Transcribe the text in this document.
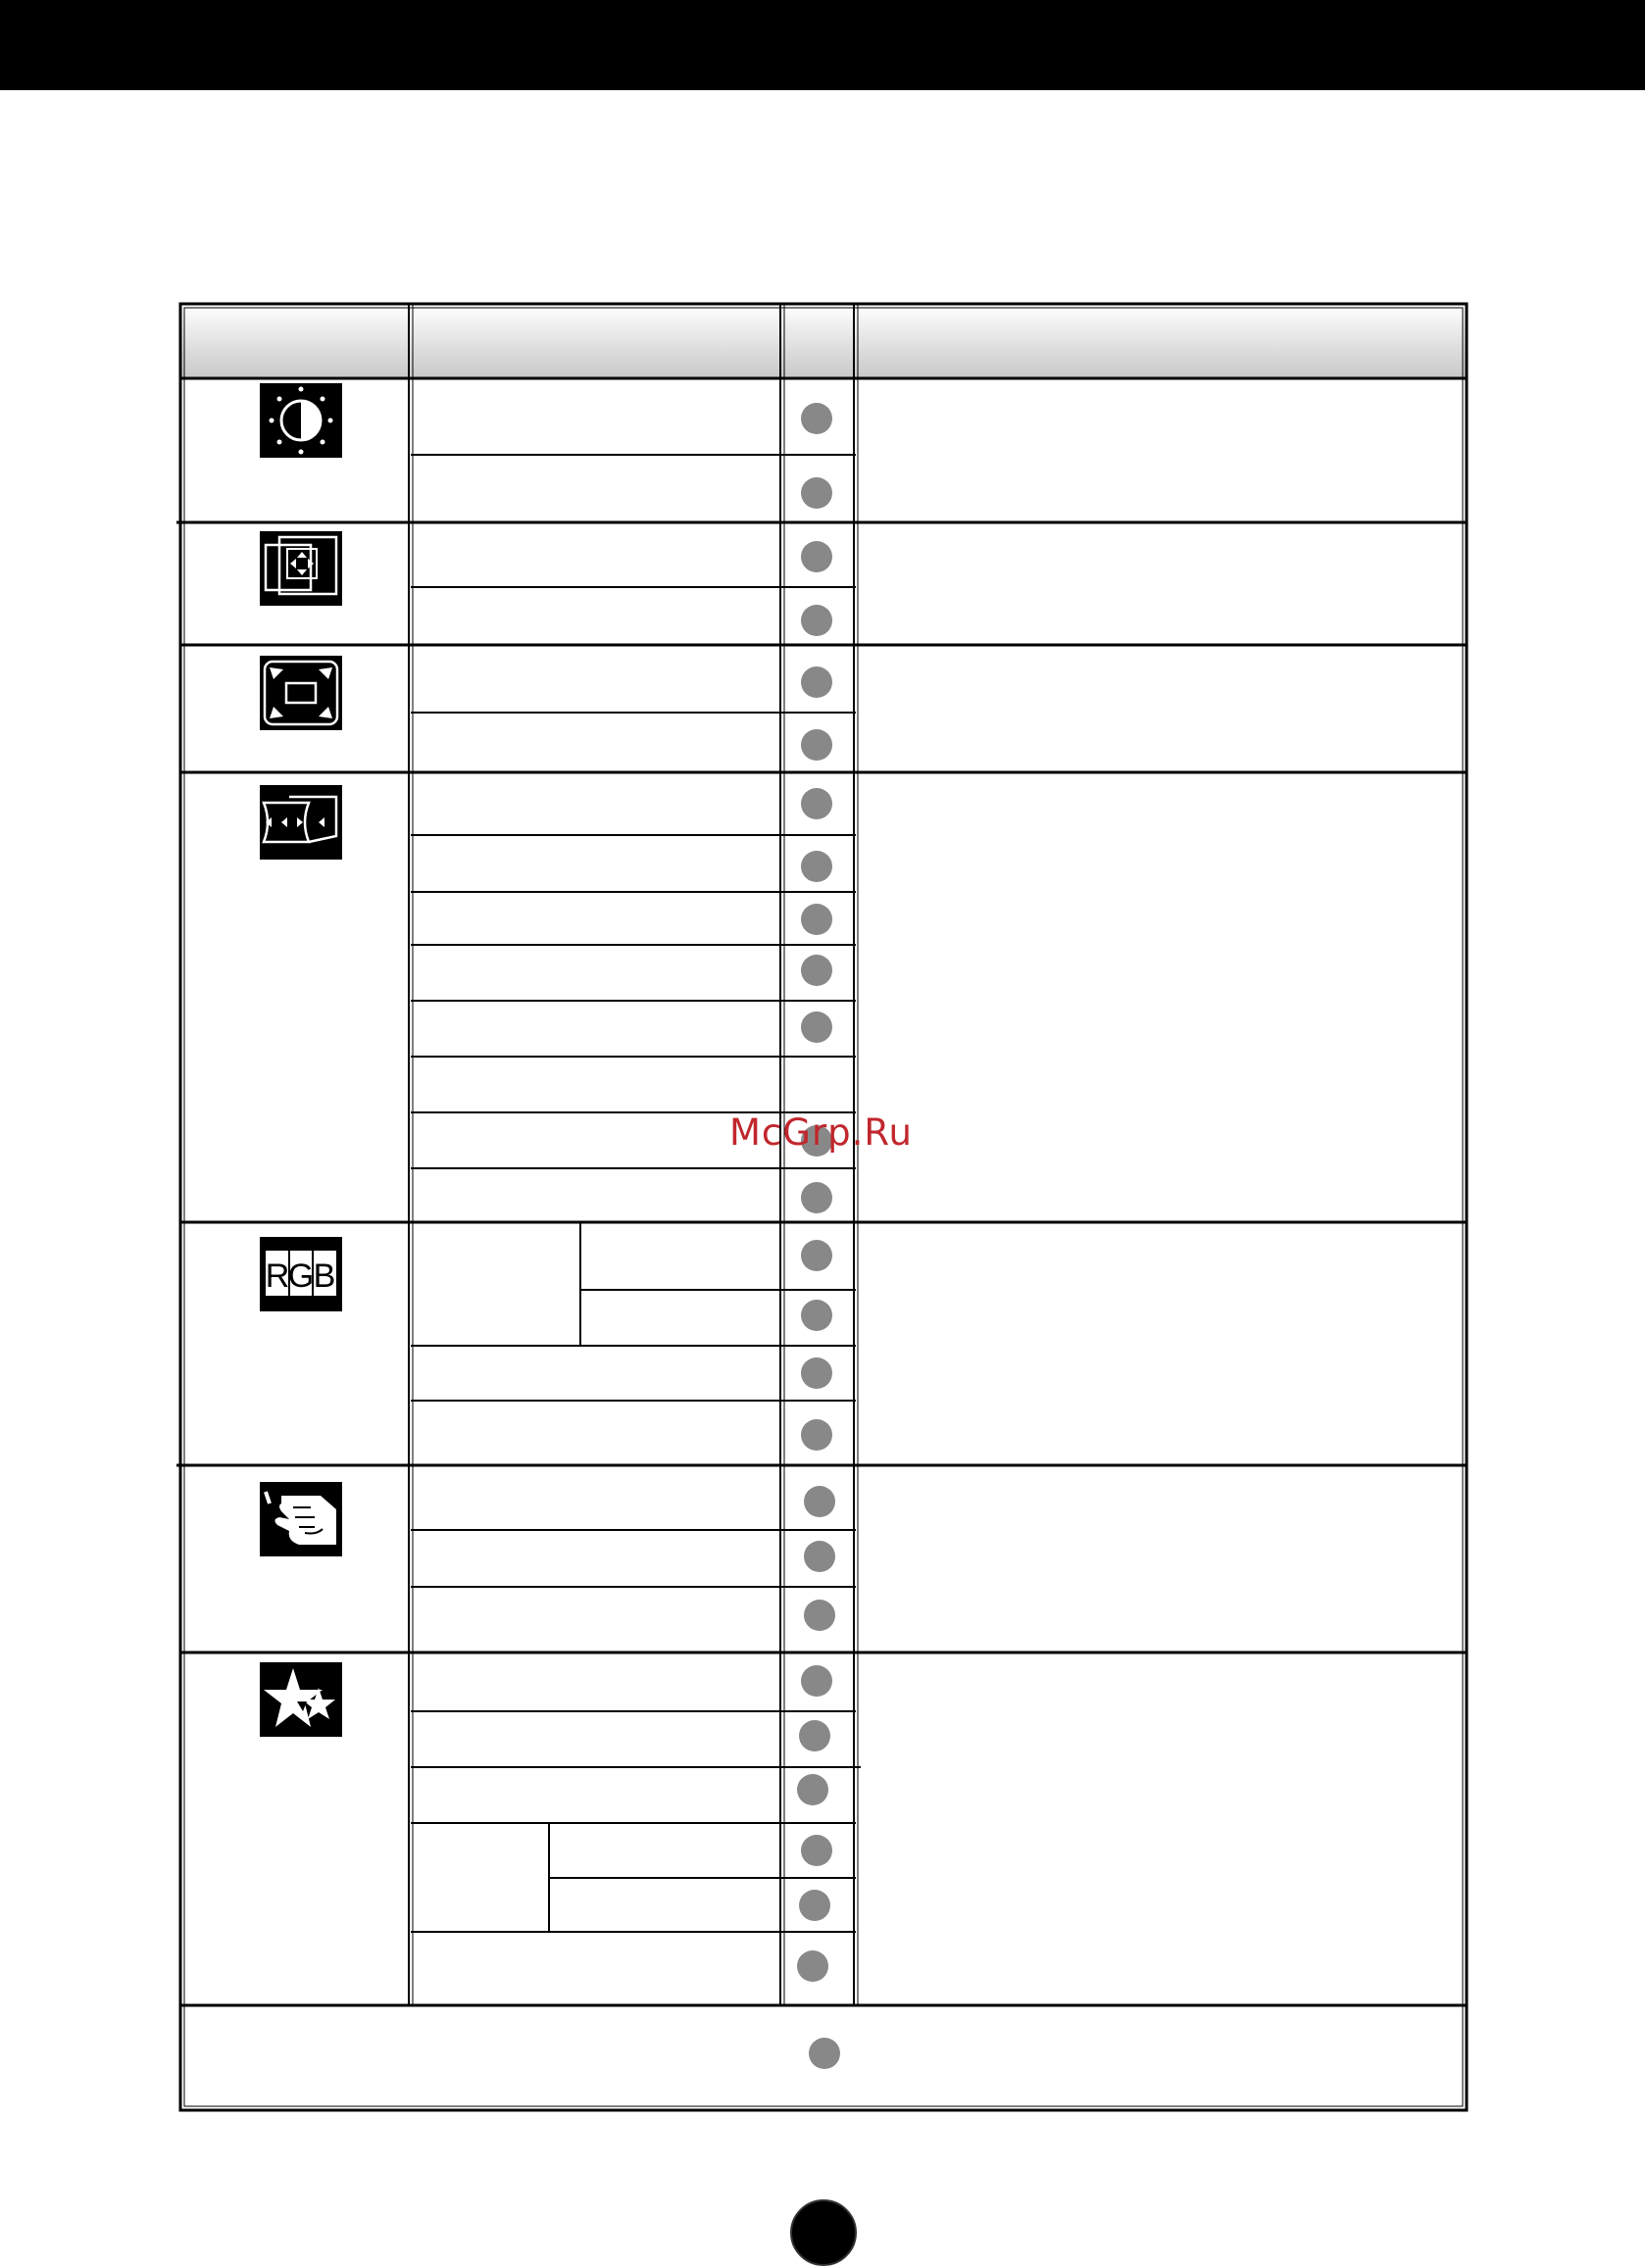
R
G B
McGrp.Ru
